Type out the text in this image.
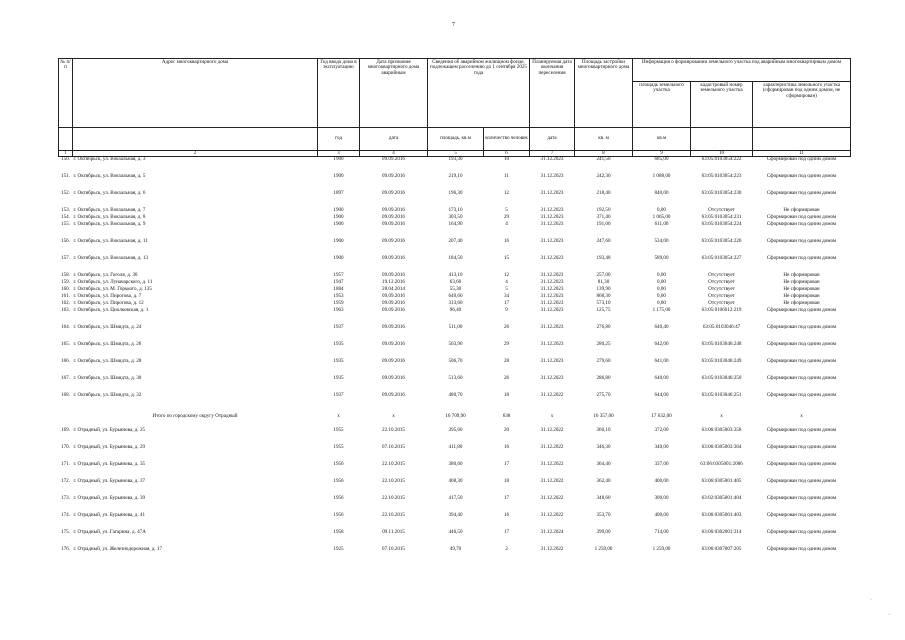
7
№ п/п	Адрес многоквартирного дома	Год ввода дома в эксплуатацию	Дата признания многоквартирного дома аварийным	Сведения об аварийном жилищном фонде, подлежащем расселению до 1 сентября 2025 года		Планируемая дата окончания переселения	Площадь застройки многоквартирного дома	Информация о формировании земельного участка под аварийным многоквартирным домом		
								площадь земельного участка	кадастровый номер земельного участка	характеристика земельного участка (сформирован под одним домом, не сформирован)
		год	дата	площадь, кв.м	количество человек	дата	кв. м	кв.м		
1	2	3	4	5	6	7	8	9	10	11
150.	г. Октябрьск, ул. Вокзальная, д. 3	1900	09.09.2016	193,30	10	31.12.2023	241,50	685,00	63:05:0103054:222	Сформирован под одним домом
151.	г. Октябрьск, ул. Вокзальная, д. 5	1900	09.09.2016	219,10	11	31.12.2023	242,30	1 088,00	63:05:0103054:223	Сформирован под одним домом
152.	г. Октябрьск, ул. Вокзальная, д. 6	1897	09.09.2016	196,30	12	31.12.2023	218,40	840,00	63:05:0103054:230	Сформирован под одним домом
153.	г. Октябрьск, ул. Вокзальная, д. 7	1900	09.09.2016	173,10	5	31.12.2023	192,50	0,00	Отсутствует	Не сформирован
154.	г. Октябрьск, ул. Вокзальная, д. 8	1900	09.09.2016	303,50	29	31.12.2023	371,40	1 065,00	63:05:0103054:231	Сформирован под одним домом
155.	г. Октябрьск, ул. Вокзальная, д. 9	1900	09.09.2016	164,90	4	31.12.2023	191,00	611,00	63:05:0103054:224	Сформирован под одним домом
156.	г. Октябрьск, ул. Вокзальная, д. 11	1900	09.09.2016	207,40	16	31.12.2023	247,60	534,00	63:05:0103054:226	Сформирован под одним домом
157.	г. Октябрьск, ул. Вокзальная, д. 13	1900	09.09.2016	184,50	15	31.12.2023	193,48	589,00	63:05:0103054:227	Сформирован под одним домом
158.	г. Октябрьск, ул. Гоголя, д. 30	1957	09.09.2016	413,10	12	31.12.2023	257,00	0,00	Отсутствует	Не сформирован
159.	г. Октябрьск, ул. Луначарского, д. 11	1947	19.12.2016	63,60	4	31.12.2023	81,30	0,00	Отсутствует	Не сформирован
160.	г. Октябрьск, ул. М. Горького, д. 135	1884	28.04.2014	55,30	5	31.12.2023	139,90	0,00	Отсутствует	Не сформирован
161.	г. Октябрьск, ул. Пирогова, д. 7	1953	09.09.2016	640,60	34	31.12.2023	868,30	0,00	Отсутствует	Не сформирован
162.	г. Октябрьск, ул. Пирогова, д. 12	1959	09.09.2016	313,60	17	31.12.2023	573,10	0,00	Отсутствует	Не сформирован
163.	г. Октябрьск, ул. Циолковская, д. 1	1963	09.09.2016	96,40	9	31.12.2023	125,75	1 175,00	63:05:0106012:219	Сформирован под одним домом
164.	г. Октябрьск, ул. Шмидта, д. 24	1937	09.09.2016	511,00	26	31.12.2023	276,80	640,40	63:05:0103046:47	Сформирован под одним домом
165.	г. Октябрьск, ул. Шмидта, д. 26	1935	09.09.2016	503,90	29	31.12.2023	280,25	642,00	63:05:0103046:248	Сформирован под одним домом
166.	г. Октябрьск, ул. Шмидта, д. 28	1935	09.09.2016	506,70	28	31.12.2023	279,60	641,00	63:05:0103046:249	Сформирован под одним домом
167.	г. Октябрьск, ул. Шмидта, д. 30	1935	09.09.2016	513,60	26	31.12.2023	286,80	640,00	63:05:0103046:250	Сформирован под одним домом
168.	г. Октябрьск, ул. Шмидта, д. 32	1937	09.09.2016	480,70	18	31.12.2022	275,70	644,00	63:05:0103046:251	Сформирован под одним домом
	Итого по городскому округу Отрадный	x	x	16 709,90	638	x	16 357,00	17 632,00	x	x
169.	г. Отрадный, ул. Бурьяновa, д. 25	1955	22.10.2015	395,60	20	31.12.2022	360,10	372,00	63:06:0305003:358	Сформирован под одним домом
170.	г. Отрадный, ул. Бурьяновa, д. 29	1955	07.10.2015	411,80	16	31.12.2022	346,30	340,00	63:06:0305003:364	Сформирован под одним домом
171.	г. Отрадный, ул. Бурьяновa, д. 35	1956	22.10.2015	380,60	17	31.12.2022	364,40	337,00	63:06:0305001:2086	Сформирован под одним домом
172.	г. Отрадный, ул. Бурьяновa, д. 37	1956	22.10.2015	408,30	18	31.12.2022	362,40	400,00	63:06:0305001:405	Сформирован под одним домом
173.	г. Отрадный, ул. Бурьяновa, д. 39	1956	22.10.2015	417,50	17	31.12.2022	348,60	300,00	63:02:0305001:404	Сформирован под одним домом
174.	г. Отрадный, ул. Бурьяновa, д. 41	1956	22.10.2015	394,40	16	31.12.2022	353,70	400,00	63:06:0305001:403	Сформирован под одним домом
175.	г. Отрадный, ул. Гагарина, д. 47А	1958	09.11.2015	446,50	17	31.12.2024	399,00	714,00	63:06:0302001:314	Сформирован под одним домом
176.	г. Отрадный, ул. Железнодорожная, д. 17	1925	07.10.2015	49,70	2	31.12.2022	1 259,00	1 259,00	63:06:0307007:205	Сформирован под одним домом
·
·
